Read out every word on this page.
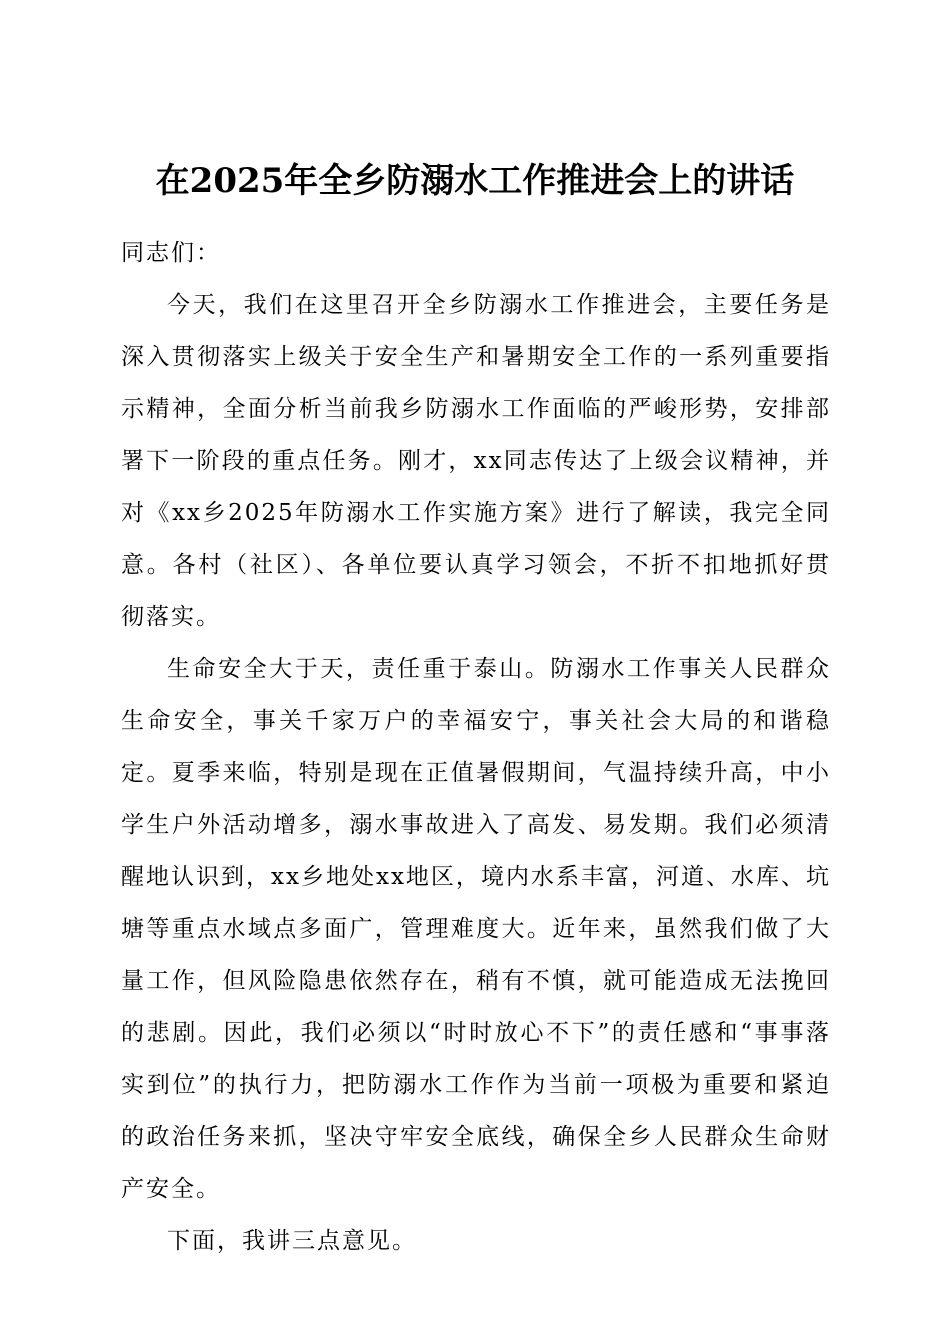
在2025年全乡防溺水工作推进会上的讲话

同志们：

今天，我们在这里召开全乡防溺水工作推进会，主要任务是深入贯彻落实上级关于安全生产和暑期安全工作的一系列重要指示精神，全面分析当前我乡防溺水工作面临的严峻形势，安排部署下一阶段的重点任务。刚才，xx同志传达了上级会议精神，并对《xx乡2025年防溺水工作实施方案》进行了解读，我完全同意。各村（社区）、各单位要认真学习领会，不折不扣地抓好贯彻落实。

生命安全大于天，责任重于泰山。防溺水工作事关人民群众生命安全，事关千家万户的幸福安宁，事关社会大局的和谐稳定。夏季来临，特别是现在正值暑假期间，气温持续升高，中小学生户外活动增多，溺水事故进入了高发、易发期。我们必须清醒地认识到，xx乡地处xx地区，境内水系丰富，河道、水库、坑塘等重点水域点多面广，管理难度大。近年来，虽然我们做了大量工作，但风险隐患依然存在，稍有不慎，就可能造成无法挽回的悲剧。因此，我们必须以“时时放心不下”的责任感和“事事落实到位”的执行力，把防溺水工作作为当前一项极为重要和紧迫的政治任务来抓，坚决守牢安全底线，确保全乡人民群众生命财产安全。

下面，我讲三点意见。
